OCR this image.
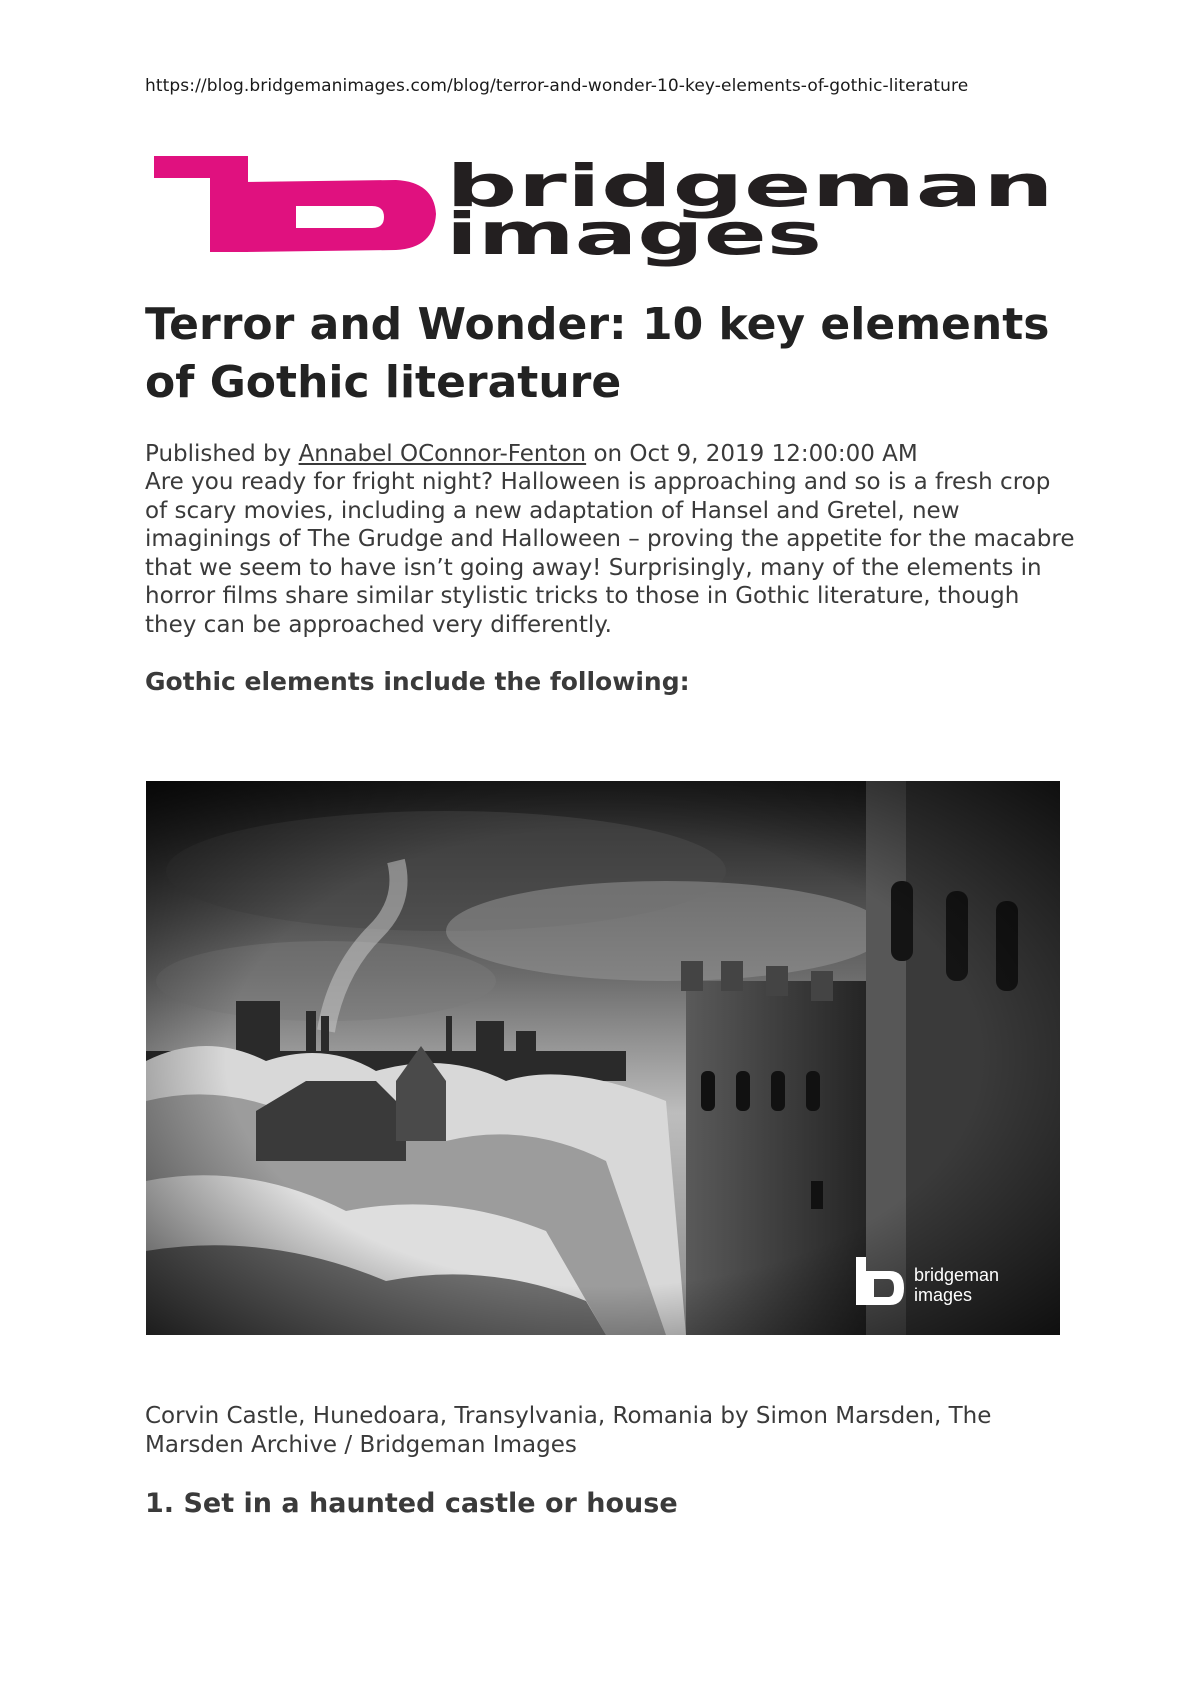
https://blog.bridgemanimages.com/blog/terror-and-wonder-10-key-elements-of-gothic-literature
bridgeman
images
Terror and Wonder: 10 key elements of Gothic literature
Published by Annabel OConnor-Fenton on Oct 9, 2019 12:00:00 AM

Are you ready for fright night? Halloween is approaching and so is a fresh crop of scary movies, including a new adaptation of Hansel and Gretel, new imaginings of The Grudge and Halloween – proving the appetite for the macabre that we seem to have isn’t going away! Surprisingly, many of the elements in horror films share similar stylistic tricks to those in Gothic literature, though they can be approached very differently.

Gothic elements include the following:
bridgeman
images

Corvin Castle, Hunedoara, Transylvania, Romania by Simon Marsden, The Marsden Archive / Bridgeman Images

1. Set in a haunted castle or house
